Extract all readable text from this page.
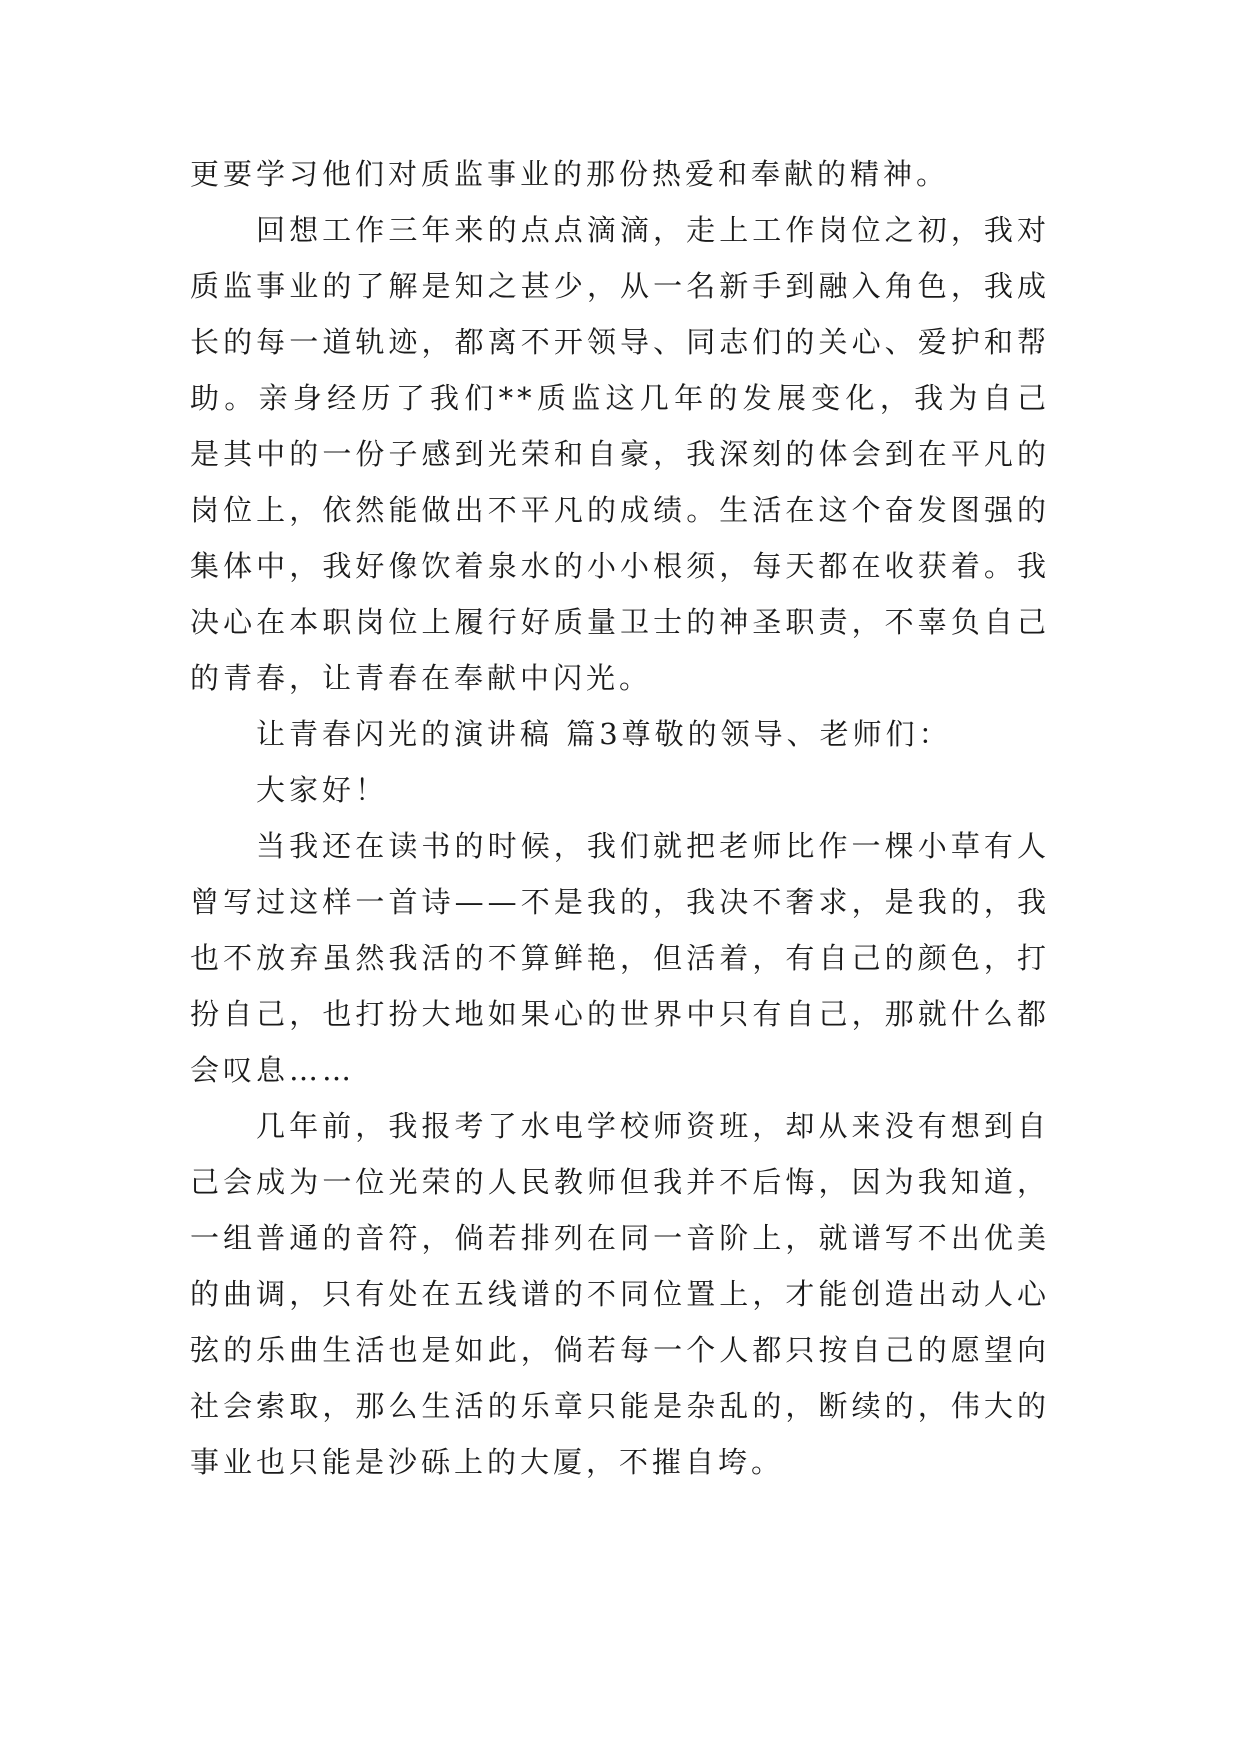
更要学习他们对质监事业的那份热爱和奉献的精神。

回想工作三年来的点点滴滴，走上工作岗位之初，我对质监事业的了解是知之甚少，从一名新手到融入角色，我成长的每一道轨迹，都离不开领导、同志们的关心、爱护和帮助。亲身经历了我们**质监这几年的发展变化，我为自己是其中的一份子感到光荣和自豪，我深刻的体会到在平凡的岗位上，依然能做出不平凡的成绩。生活在这个奋发图强的集体中，我好像饮着泉水的小小根须，每天都在收获着。我决心在本职岗位上履行好质量卫士的神圣职责，不辜负自己的青春，让青春在奉献中闪光。

让青春闪光的演讲稿 篇3尊敬的领导、老师们：

大家好！

当我还在读书的时候，我们就把老师比作一棵小草有人曾写过这样一首诗——不是我的，我决不奢求，是我的，我也不放弃虽然我活的不算鲜艳，但活着，有自己的颜色，打扮自己，也打扮大地如果心的世界中只有自己，那就什么都会叹息……

几年前，我报考了水电学校师资班，却从来没有想到自己会成为一位光荣的人民教师但我并不后悔，因为我知道，一组普通的音符，倘若排列在同一音阶上，就谱写不出优美的曲调，只有处在五线谱的不同位置上，才能创造出动人心弦的乐曲生活也是如此，倘若每一个人都只按自己的愿望向社会索取，那么生活的乐章只能是杂乱的，断续的，伟大的事业也只能是沙砾上的大厦，不摧自垮。
